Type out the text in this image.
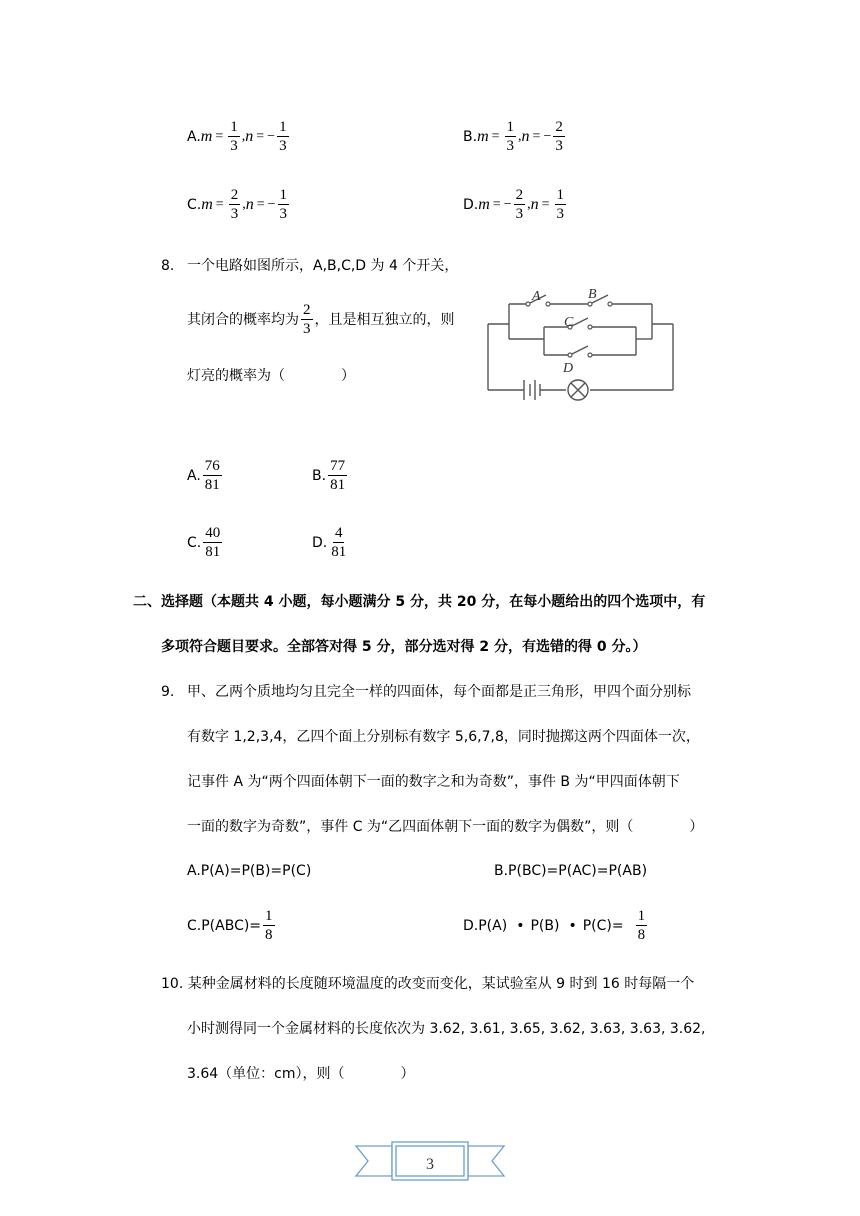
A. $m = \frac{1}{3}$ , n = − $\frac{1}{3}$	B. $m = \frac{1}{3}$ , n = − $\frac{2}{3}$
C. $m = \frac{2}{3}$ , n = − $\frac{1}{3}$	D. m = − $\frac{2}{3}$ , $n = \frac{1}{3}$
8. 一个电路如图所示，A,B,C,D 为 4 个开关，
其闭合的概率均为 $\frac{2}{3}$ ，且是相互独立的，则
灯亮的概率为（　　　　）
A	B
C
D
A. $\frac{76}{81}$	B. $\frac{77}{81}$
C. $\frac{40}{81}$	D. $\frac{4}{81}$
二、选择题（本题共 4 小题，每小题满分 5 分，共 20 分，在每小题给出的四个选项中，有
多项符合题目要求。全部答对得 5 分，部分选对得 2 分，有选错的得 0 分。）
9. 甲、乙两个质地均匀且完全一样的四面体，每个面都是正三角形，甲四个面分别标
有数字 1,2,3,4，乙四个面上分别标有数字 5,6,7,8，同时抛掷这两个四面体一次，
记事件 A 为“两个四面体朝下一面的数字之和为奇数”，事件 B 为“甲四面体朝下
一面的数字为奇数”，事件 C 为“乙四面体朝下一面的数字为偶数”，则（　　　　）
A.P(A)=P(B)=P(C)	B.P(BC)=P(AC)=P(AB)
$C.P(ABC)= \frac{1}{8}$	D.P(A) • P(B) • $P(C)= \frac{1}{8}$
10. 某种金属材料的长度随环境温度的改变而变化，某试验室从 9 时到 16 时每隔一个
小时测得同一个金属材料的长度依次为 3.62, 3.61, 3.65, 3.62, 3.63, 3.63, 3.62,
3.64（单位：cm），则（　　　　）
3
